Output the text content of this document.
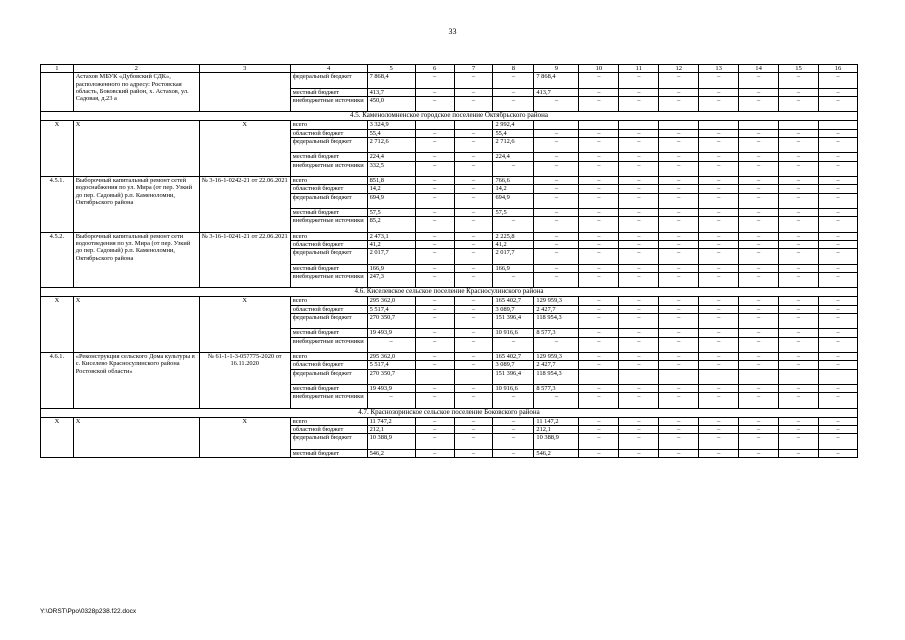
33
1	2	3	4	5	6	7	8	9	10	11	12	13	14	15	16
	Астахов МБУК «Дубовский СДК», расположенного по адресу: Ростовская область, Боковский район, х. Астахов, ул. Садовая, д.23 а		федеральный бюджет	7 868,4	–	–	–	7 868,4	–	–	–	–	–	–	–
			местный бюджет	413,7	–	–	–	413,7	–	–	–	–	–	–	–
			внебюджетные источники	450,0	–	–	–	–	–	–	–	–	–	–	–
4.5. Каменоломненское городское поселение Октябрьского района															
Х	Х	Х	всего	3 324,9			2 992,4								
			областной бюджет	55,4	–	–	55,4	–	–	–	–	–	–	–	–
			федеральный бюджет	2 712,6	–	–	2 712,6	–	–	–	–	–	–	–	–
			местный бюджет	224,4	–	–	224,4	–	–	–	–	–	–	–	–
			внебюджетные источники	332,5	–	–	–	–	–	–	–	–	–	–	–
4.5.1.	Выборочный капитальный ремонт сетей водоснабжения по ул. Мира (от пер. Узкий до пер. Садовый) р.п. Каменоломни, Октябрьского района	№ 3-16-1-0242-21 от 22.06.2021	всего	851,8	–	–	766,6	–	–	–	–	–	–	–	–
			областной бюджет	14,2	–	–	14,2	–	–	–	–	–	–	–	–
			федеральный бюджет	694,9	–	–	694,9	–	–	–	–	–	–	–	–
			местный бюджет	57,5	–	–	57,5	–	–	–	–	–	–	–	–
			внебюджетные источники	85,2	–	–	–	–	–	–	–	–	–	–	–
4.5.2.	Выборочный капитальный ремонт сети водоотведения по ул. Мира (от пер. Узкий до пер. Садовый) р.п. Каменоломни, Октябрьского района	№ 3-16-1-0241-21 от 22.06.2021	всего	2 473,1	–	–	2 225,8	–	–	–	–	–	–	–	–
			областной бюджет	41,2	–	–	41,2	–	–	–	–	–	–	–	–
			федеральный бюджет	2 017,7	–	–	2 017,7	–	–	–	–	–	–	–	–
			местный бюджет	166,9	–	–	166,9	–	–	–	–	–	–	–	–
			внебюджетные источники	247,3	–	–	–	–	–	–	–	–	–	–	–
4.6. Киселевское сельское поселение Красносулинского района															
Х	Х	Х	всего	295 362,0	–	–	165 402,7	129 959,3	–	–	–	–	–	–	–
			областной бюджет	5 517,4	–	–	3 089,7	2 427,7	–	–	–	–	–	–	–
			федеральный бюджет	270 350,7	–	–	151 396,4	118 954,3	–	–	–	–	–	–	–
			местный бюджет	19 493,9	–	–	10 916,6	8 577,3	–	–	–	–	–	–	–
			внебюджетные источники	–	–	–	–	–	–	–	–	–	–	–	–
4.6.1.	«Реконструкция сельского Дома культуры в с. Киселево Красносулинского района Ростовской области»	№ 61-1-1-3-057775-2020 от 16.11.2020	всего	295 362,0	–	–	165 402,7	129 959,3	–	–	–	–	–	–	–
			областной бюджет	5 517,4	–	–	3 089,7	2 427,7	–	–	–	–	–	–	–
			федеральный бюджет	270 350,7			151 396,4	118 954,3							
			местный бюджет	19 493,9	–	–	10 916,6	8 577,3	–	–	–	–	–	–	–
			внебюджетные источники	–	–	–	–	–	–	–	–	–	–	–	–
4.7. Краснозоринское сельское поселение Боковского района															
Х	Х	Х	всего	11 747,2	–	–	–	11 147,2	–	–	–	–	–	–	–
			областной бюджет	212,1	–	–	–	212,1	–	–	–	–	–	–	–
			федеральный бюджет	10 388,9	–	–	–	10 388,9	–	–	–	–	–	–	–
			местный бюджет	546,2	–	–	–	546,2	–	–	–	–	–	–	–
Y:\ORST\Ppo\0328p238.f22.docx
